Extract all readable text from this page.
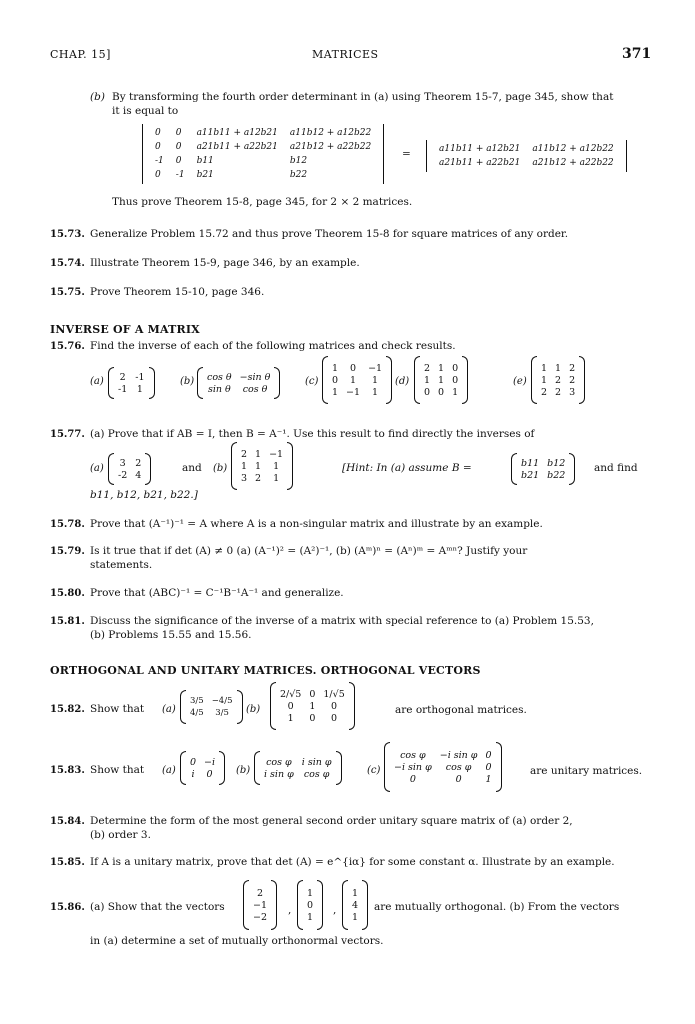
CHAP. 15]	MATRICES	371
(b) By transforming the fourth order determinant in (a) using Theorem 15-7, page 345, show that
it is equal to
0	0	a11b11 + a12b21	a11b12 + a12b22
0	0	a21b11 + a22b21	a21b12 + a22b22
-1	0	b11	b12
0	-1	b21	b22
=	a11b11 + a12b21	a11b12 + a12b22
a21b11 + a22b21	a21b12 + a22b22
Thus prove Theorem 15-8, page 345, for 2 × 2 matrices.
15.73. Generalize Problem 15.72 and thus prove Theorem 15-8 for square matrices of any order.
15.74. Illustrate Theorem 15-9, page 346, by an example.
15.75. Prove Theorem 15-10, page 346.
INVERSE OF A MATRIX
15.76. Find the inverse of each of the following matrices and check results.
(a) 2	-1
-1	1
(b) cos θ	−sin θ
sin θ	cos θ
(c)
1	0	−1
0	1	1
1	−1	1
(d)
2	1	0
1	1	0
0	0	1
(e)
1	1	2
1	2	2
2	2	3
15.77. (a) Prove that if AB = I, then B = A⁻¹. Use this result to find directly the inverses of
(a) 3	2
-2	4
and (b)
2	1	−1
1	1	1
3	2	1
[Hint: In (a) assume B =	b11	b12
b21	b22
and find
b11, b12, b21, b22.]
15.78. Prove that (A⁻¹)⁻¹ = A where A is a non-singular matrix and illustrate by an example.
15.79. Is it true that if det (A) ≠ 0 (a) (A⁻¹)² = (A²)⁻¹, (b) (Aᵐ)ⁿ = (Aⁿ)ᵐ = Aᵐⁿ? Justify your
statements.
15.80. Prove that (ABC)⁻¹ = C⁻¹B⁻¹A⁻¹ and generalize.
15.81. Discuss the significance of the inverse of a matrix with special reference to (a) Problem 15.53,
(b) Problems 15.55 and 15.56.
ORTHOGONAL AND UNITARY MATRICES. ORTHOGONAL VECTORS
15.82. Show that (a)
3/5	−4/5
4/5	3/5 (b)
2/√5	0	1/√5
0	1	0
1	0	0
are orthogonal matrices.
15.83. Show that (a)
0	−i
i	0 (b)
cos φ	i sin φ
i sin φ	cos φ	(c)
cos φ	−i sin φ	0
−i sin φ	cos φ	0
0	0	1
are unitary matrices.
15.84. Determine the form of the most general second order unitary square matrix of (a) order 2,
(b) order 3.
15.85. If A is a unitary matrix, prove that det (A) = e^{iα} for some constant α. Illustrate by an example.
15.86. (a) Show that the vectors
2
−1
−2
,
1
0
1
,
1
4
1
are mutually orthogonal. (b) From the vectors
in (a) determine a set of mutually orthonormal vectors.
